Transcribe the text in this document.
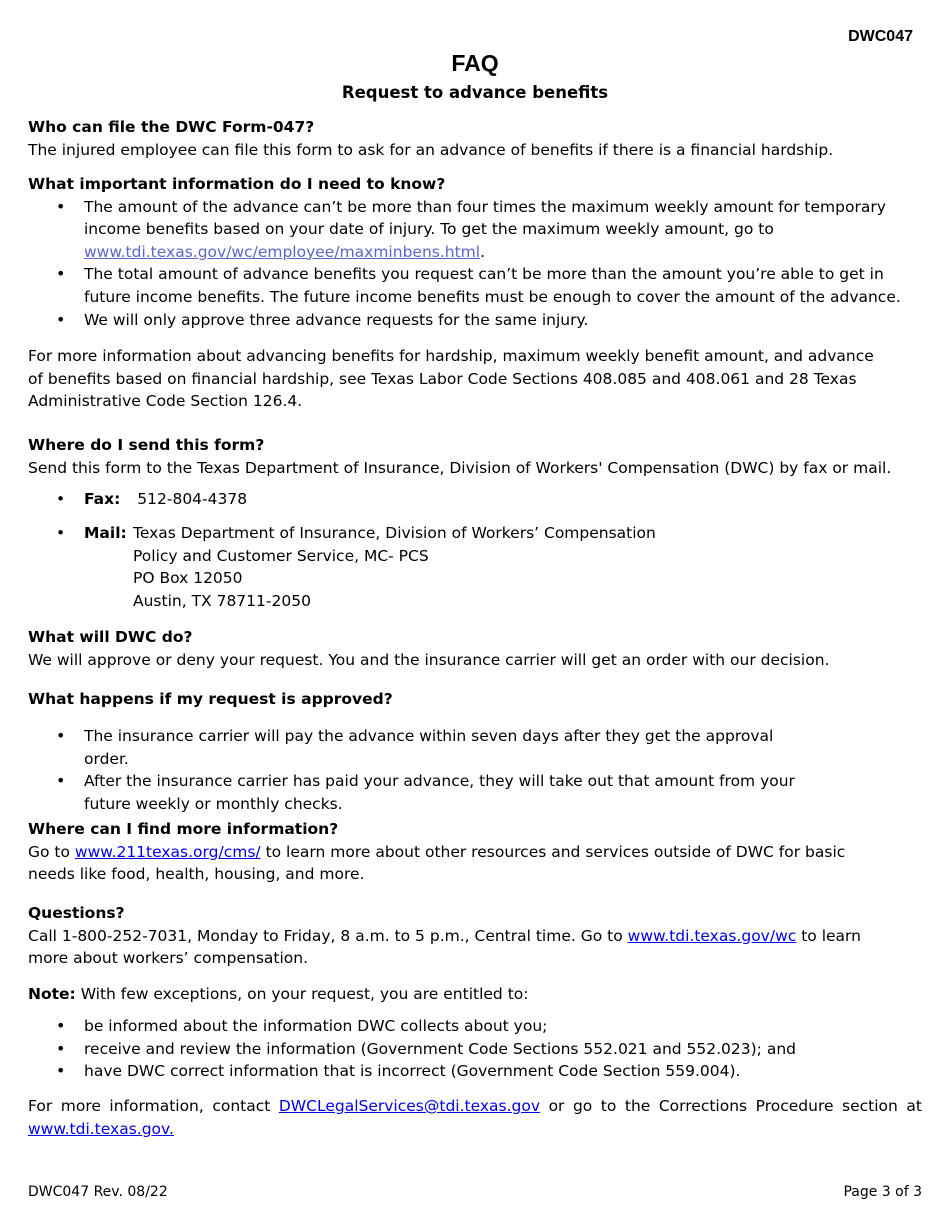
DWC047
FAQ
Request to advance benefits

Who can file the DWC Form-047?

The injured employee can file this form to ask for an advance of benefits if there is a financial hardship.

What important information do I need to know?

• The amount of the advance can’t be more than four times the maximum weekly amount for temporary income benefits based on your date of injury. To get the maximum weekly amount, go to www.tdi.texas.gov/wc/employee/maxminbens.html.
• The total amount of advance benefits you request can’t be more than the amount you’re able to get in future income benefits. The future income benefits must be enough to cover the amount of the advance.
• We will only approve three advance requests for the same injury.
For more information about advancing benefits for hardship, maximum weekly benefit amount, and advance of benefits based on financial hardship, see Texas Labor Code Sections 408.085 and 408.061 and 28 Texas Administrative Code Section 126.4.

Where do I send this form?

Send this form to the Texas Department of Insurance, Division of Workers' Compensation (DWC) by fax or mail.

• Fax: 512-804-4378
• Mail: Texas Department of Insurance, Division of Workers’ Compensation
Policy and Customer Service, MC- PCS
PO Box 12050
Austin, TX 78711-2050

What will DWC do?

We will approve or deny your request. You and the insurance carrier will get an order with our decision.

What happens if my request is approved?

• The insurance carrier will pay the advance within seven days after they get the approval order.
• After the insurance carrier has paid your advance, they will take out that amount from your future weekly or monthly checks.

Where can I find more information?

Go to www.211texas.org/cms/ to learn more about other resources and services outside of DWC for basic
needs like food, health, housing, and more.

Questions?

Call 1-800-252-7031, Monday to Friday, 8 a.m. to 5 p.m., Central time. Go to www.tdi.texas.gov/wc to learn
more about workers’ compensation.

Note: With few exceptions, on your request, you are entitled to:

• be informed about the information DWC collects about you;
• receive and review the information (Government Code Sections 552.021 and 552.023); and
• have DWC correct information that is incorrect (Government Code Section 559.004).
For more information, contact DWCLegalServices@tdi.texas.gov or go to the Corrections Procedure section at www.tdi.texas.gov.
DWC047 Rev. 08/22	Page 3 of 3
